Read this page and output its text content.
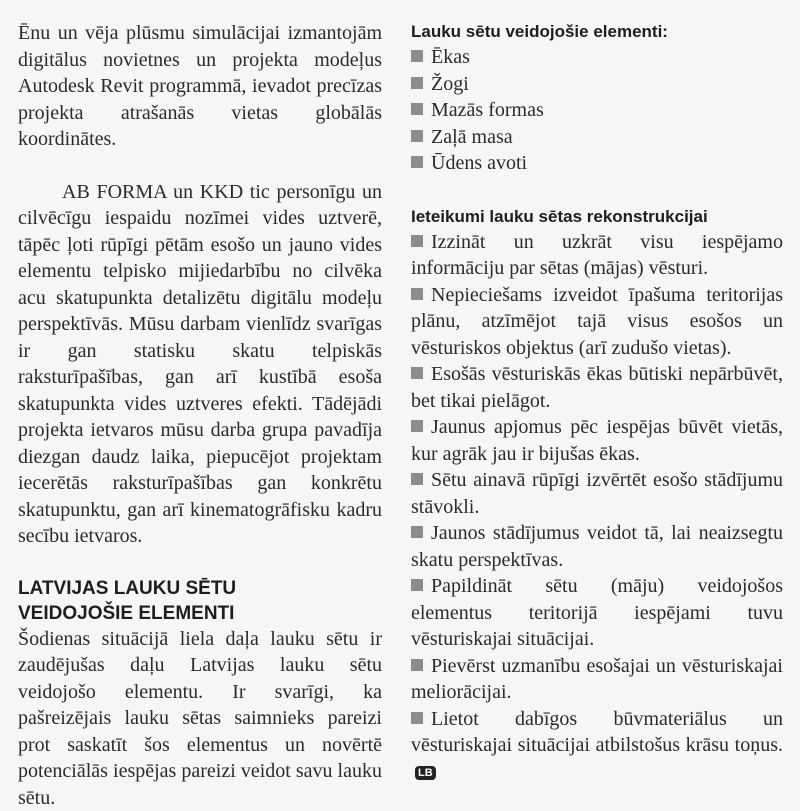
Ēnu un vēja plūsmu simulācijai izmantojām digitālus novietnes un projekta modeļus Autodesk Revit programmā, ievadot precīzas projekta atrašanās vietas globālās koordinātes.

AB FORMA un KKD tic personīgu un cilvēcīgu iespaidu nozīmei vides uztverē, tāpēc ļoti rūpīgi pētām esošo un jauno vides elementu telpisko mijiedarbību no cilvēka acu skatupunkta detalizētu digitālu modeļu perspektīvās. Mūsu darbam vienlīdz svarīgas ir gan statisku skatu telpiskās raksturīpašības, gan arī kustībā esoša skatupunkta vides uztveres efekti. Tādējādi projekta ietvaros mūsu darba grupa pavadīja diezgan daudz laika, piepucējot projektam iecerētās raksturīpašības gan konkrētu skatupunktu, gan arī kinematogrāfisku kadru secību ietvaros.

LATVIJAS LAUKU SĒTU
VEIDOJOŠIE ELEMENTI

Šodienas situācijā liela daļa lauku sētu ir zaudējušas daļu Latvijas lauku sētu veidojošo elementu. Ir svarīgi, ka pašreizējais lauku sētas saimnieks pareizi prot saskatīt šos elementus un novērtē potenciālās iespējas pareizi veidot savu lauku sētu.

Lauku sētu veidojošie elementi:
Ēkas
Žogi
Mazās formas
Zaļā masa
Ūdens avoti
Ieteikumi lauku sētas rekonstrukcijai
Izzināt un uzkrāt visu iespējamo informāciju par sētas (mājas) vēsturi.
Nepieciešams izveidot īpašuma teritorijas plānu, atzīmējot tajā visus esošos un vēsturiskos objektus (arī zudušo vietas).
Esošās vēsturiskās ēkas būtiski nepārbūvēt, bet tikai pielāgot.
Jaunus apjomus pēc iespējas būvēt vietās, kur agrāk jau ir bijušas ēkas.
Sētu ainavā rūpīgi izvērtēt esošo stādījumu stāvokli.
Jaunos stādījumus veidot tā, lai neaizsegtu skatu perspektīvas.
Papildināt sētu (māju) veidojošos elementus teritorijā iespējami tuvu vēsturiskajai situācijai.
Pievērst uzmanību esošajai un vēsturiskajai meliorācijai.
Lietot dabīgos būvmateriālus un vēsturiskajai situācijai atbilstošus krāsu toņus.LB
